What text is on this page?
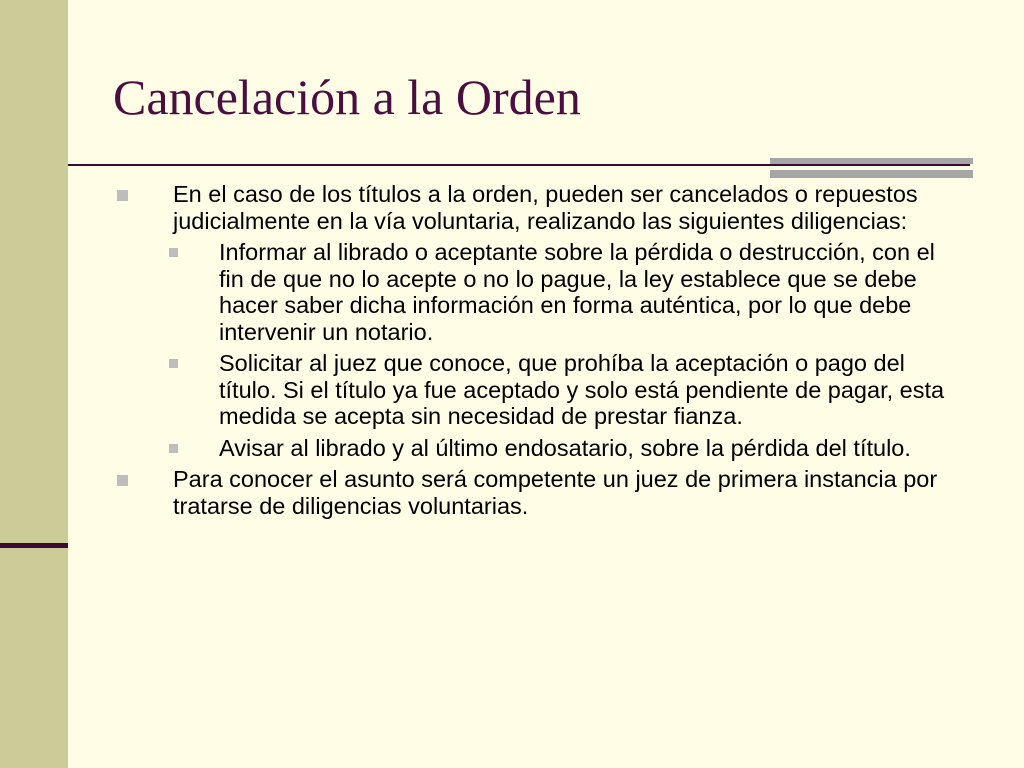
Cancelación a la Orden
En el caso de los títulos a la orden, pueden ser cancelados o repuestos judicialmente en la vía voluntaria, realizando las siguientes diligencias:
Informar al librado o aceptante sobre la pérdida o destrucción, con el fin de que no lo acepte o no lo pague, la ley establece que se debe hacer saber dicha información en forma auténtica, por lo que debe intervenir un notario.
Solicitar al juez que conoce, que prohíba la aceptación o pago del título. Si el título ya fue aceptado y solo está pendiente de pagar, esta medida se acepta sin necesidad de prestar fianza.
Avisar al librado y al último endosatario, sobre la pérdida del título.
Para conocer el asunto será competente un juez de primera instancia por tratarse de diligencias voluntarias.
